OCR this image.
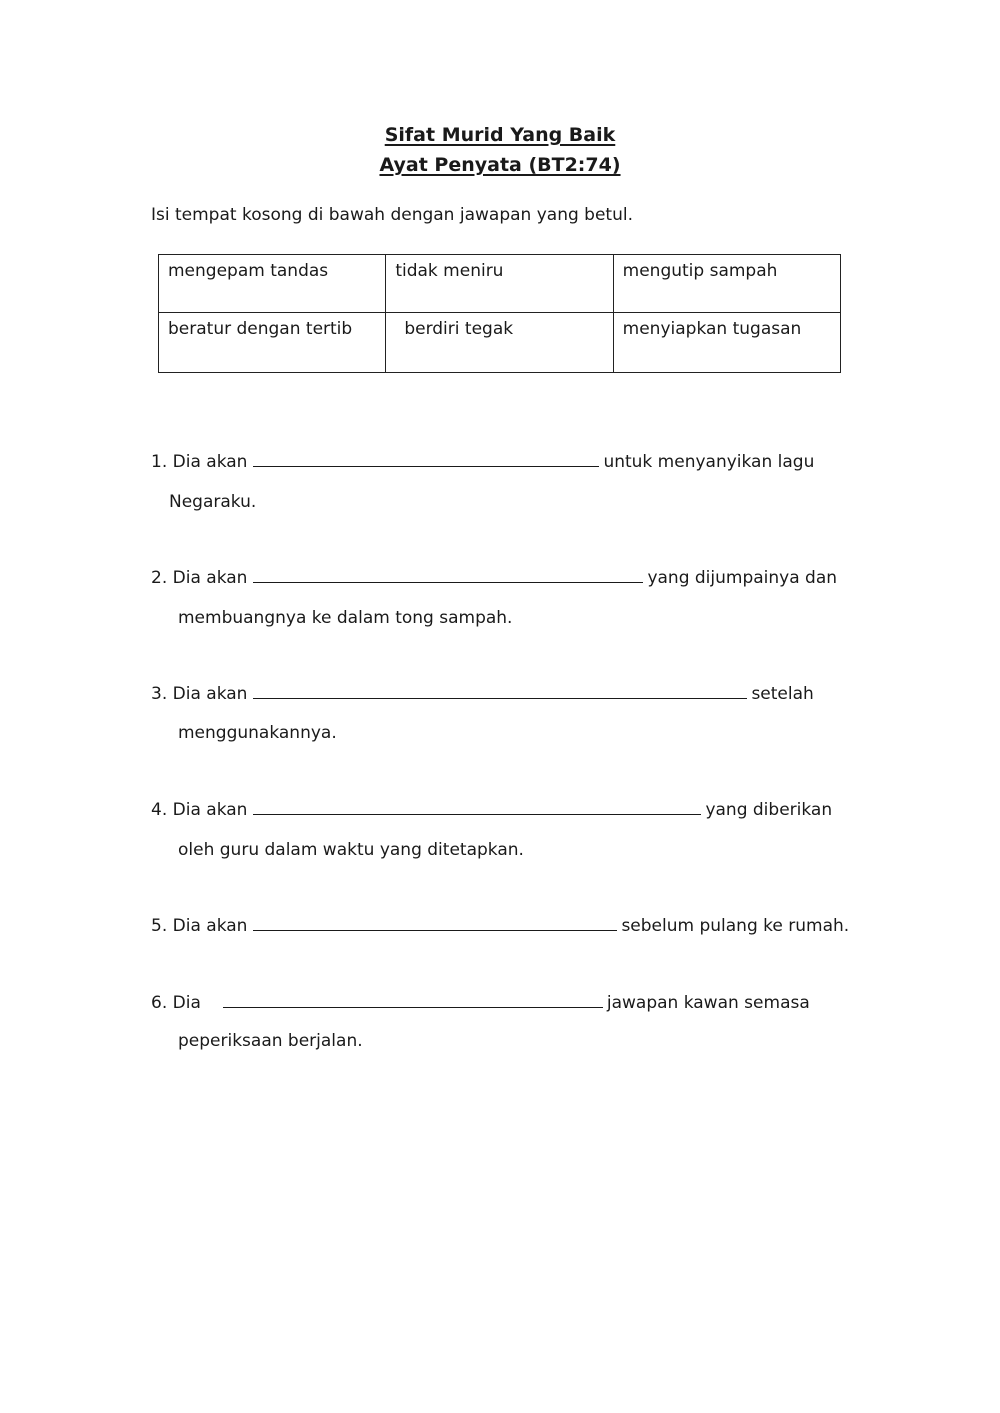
Sifat Murid Yang Baik
Ayat Penyata (BT2:74)
Isi tempat kosong di bawah dengan jawapan yang betul.
mengepam tandas	tidak meniru	mengutip sampah
beratur dengan tertib	berdiri tegak	menyiapkan tugasan
1. Dia akan	untuk menyanyikan lagu
Negaraku.
2. Dia akan	yang dijumpainya dan
membuangnya ke dalam tong sampah.
3. Dia akan	setelah
menggunakannya.
4. Dia akan	yang diberikan
oleh guru dalam waktu yang ditetapkan.
5. Dia akan	sebelum pulang ke rumah.
6. Dia	jawapan kawan semasa
peperiksaan berjalan.
